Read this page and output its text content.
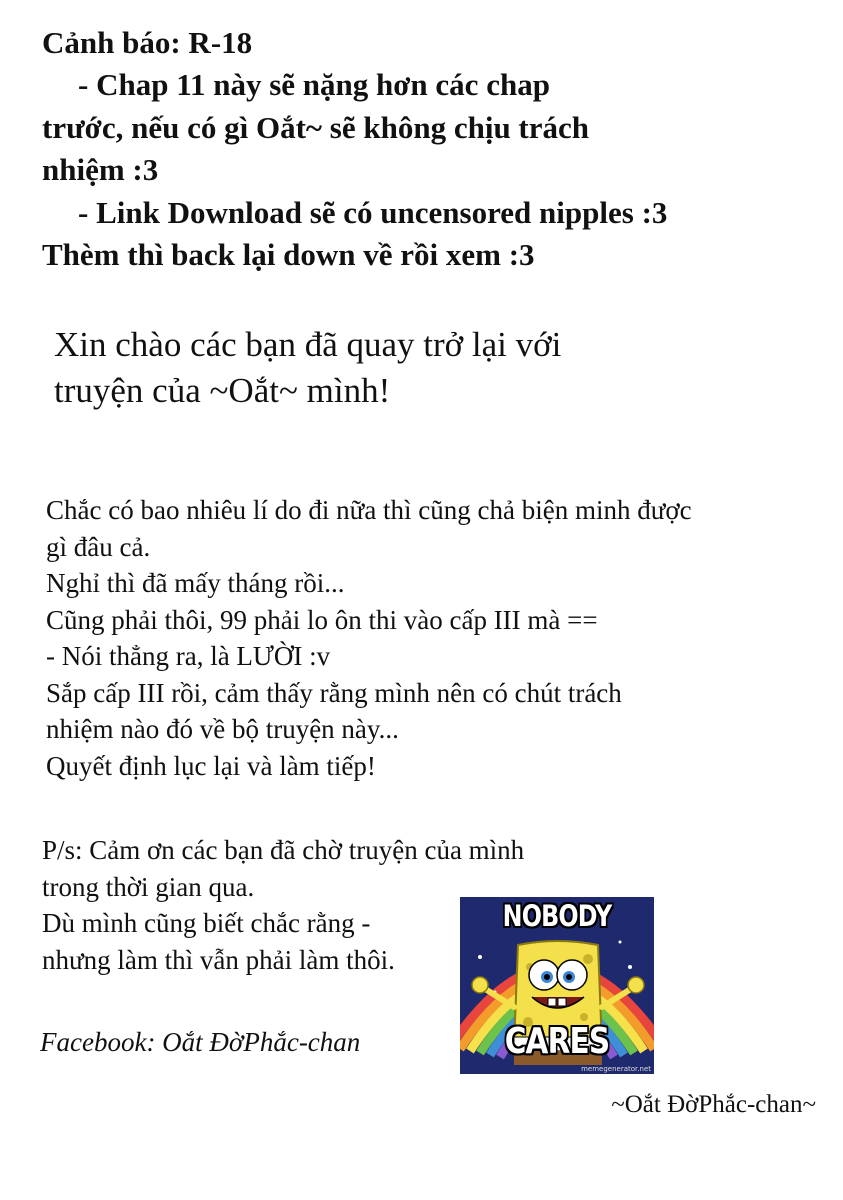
Cảnh báo: R-18
- Chap 11 này sẽ nặng hơn các chap
trước, nếu có gì Oắt~ sẽ không chịu trách
nhiệm :3
- Link Download sẽ có uncensored nipples :3
Thèm thì back lại down về rồi xem :3
Xin chào các bạn đã quay trở lại với
truyện của ~Oắt~ mình!
Chắc có bao nhiêu lí do đi nữa thì cũng chả biện minh được
gì đâu cả.
Nghỉ thì đã mấy tháng rồi...
Cũng phải thôi, 99 phải lo ôn thi vào cấp III mà ==
- Nói thẳng ra, là LƯỜI :v
Sắp cấp III rồi, cảm thấy rằng mình nên có chút trách
nhiệm nào đó về bộ truyện này...
Quyết định lục lại và làm tiếp!
P/s: Cảm ơn các bạn đã chờ truyện của mình
trong thời gian qua.
Dù mình cũng biết chắc rằng -
nhưng làm thì vẫn phải làm thôi.
NOBODY
CARES
memegenerator.net
Facebook: Oắt ĐờPhắc-chan
~Oắt ĐờPhắc-chan~
